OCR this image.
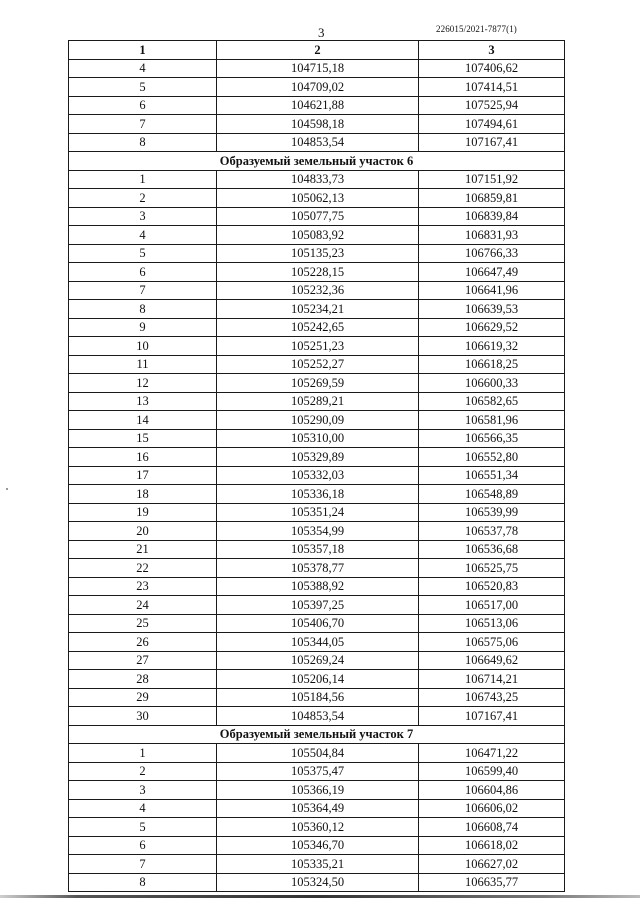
3	226015/2021-7877(1)
1	2	3
4	104715,18	107406,62
5	104709,02	107414,51
6	104621,88	107525,94
7	104598,18	107494,61
8	104853,54	107167,41
Образуемый земельный участок 6		
1	104833,73	107151,92
2	105062,13	106859,81
3	105077,75	106839,84
4	105083,92	106831,93
5	105135,23	106766,33
6	105228,15	106647,49
7	105232,36	106641,96
8	105234,21	106639,53
9	105242,65	106629,52
10	105251,23	106619,32
11	105252,27	106618,25
12	105269,59	106600,33
13	105289,21	106582,65
14	105290,09	106581,96
15	105310,00	106566,35
16	105329,89	106552,80
17	105332,03	106551,34
18	105336,18	106548,89
19	105351,24	106539,99
20	105354,99	106537,78
21	105357,18	106536,68
22	105378,77	106525,75
23	105388,92	106520,83
24	105397,25	106517,00
25	105406,70	106513,06
26	105344,05	106575,06
27	105269,24	106649,62
28	105206,14	106714,21
29	105184,56	106743,25
30	104853,54	107167,41
Образуемый земельный участок 7		
1	105504,84	106471,22
2	105375,47	106599,40
3	105366,19	106604,86
4	105364,49	106606,02
5	105360,12	106608,74
6	105346,70	106618,02
7	105335,21	106627,02
8	105324,50	106635,77
